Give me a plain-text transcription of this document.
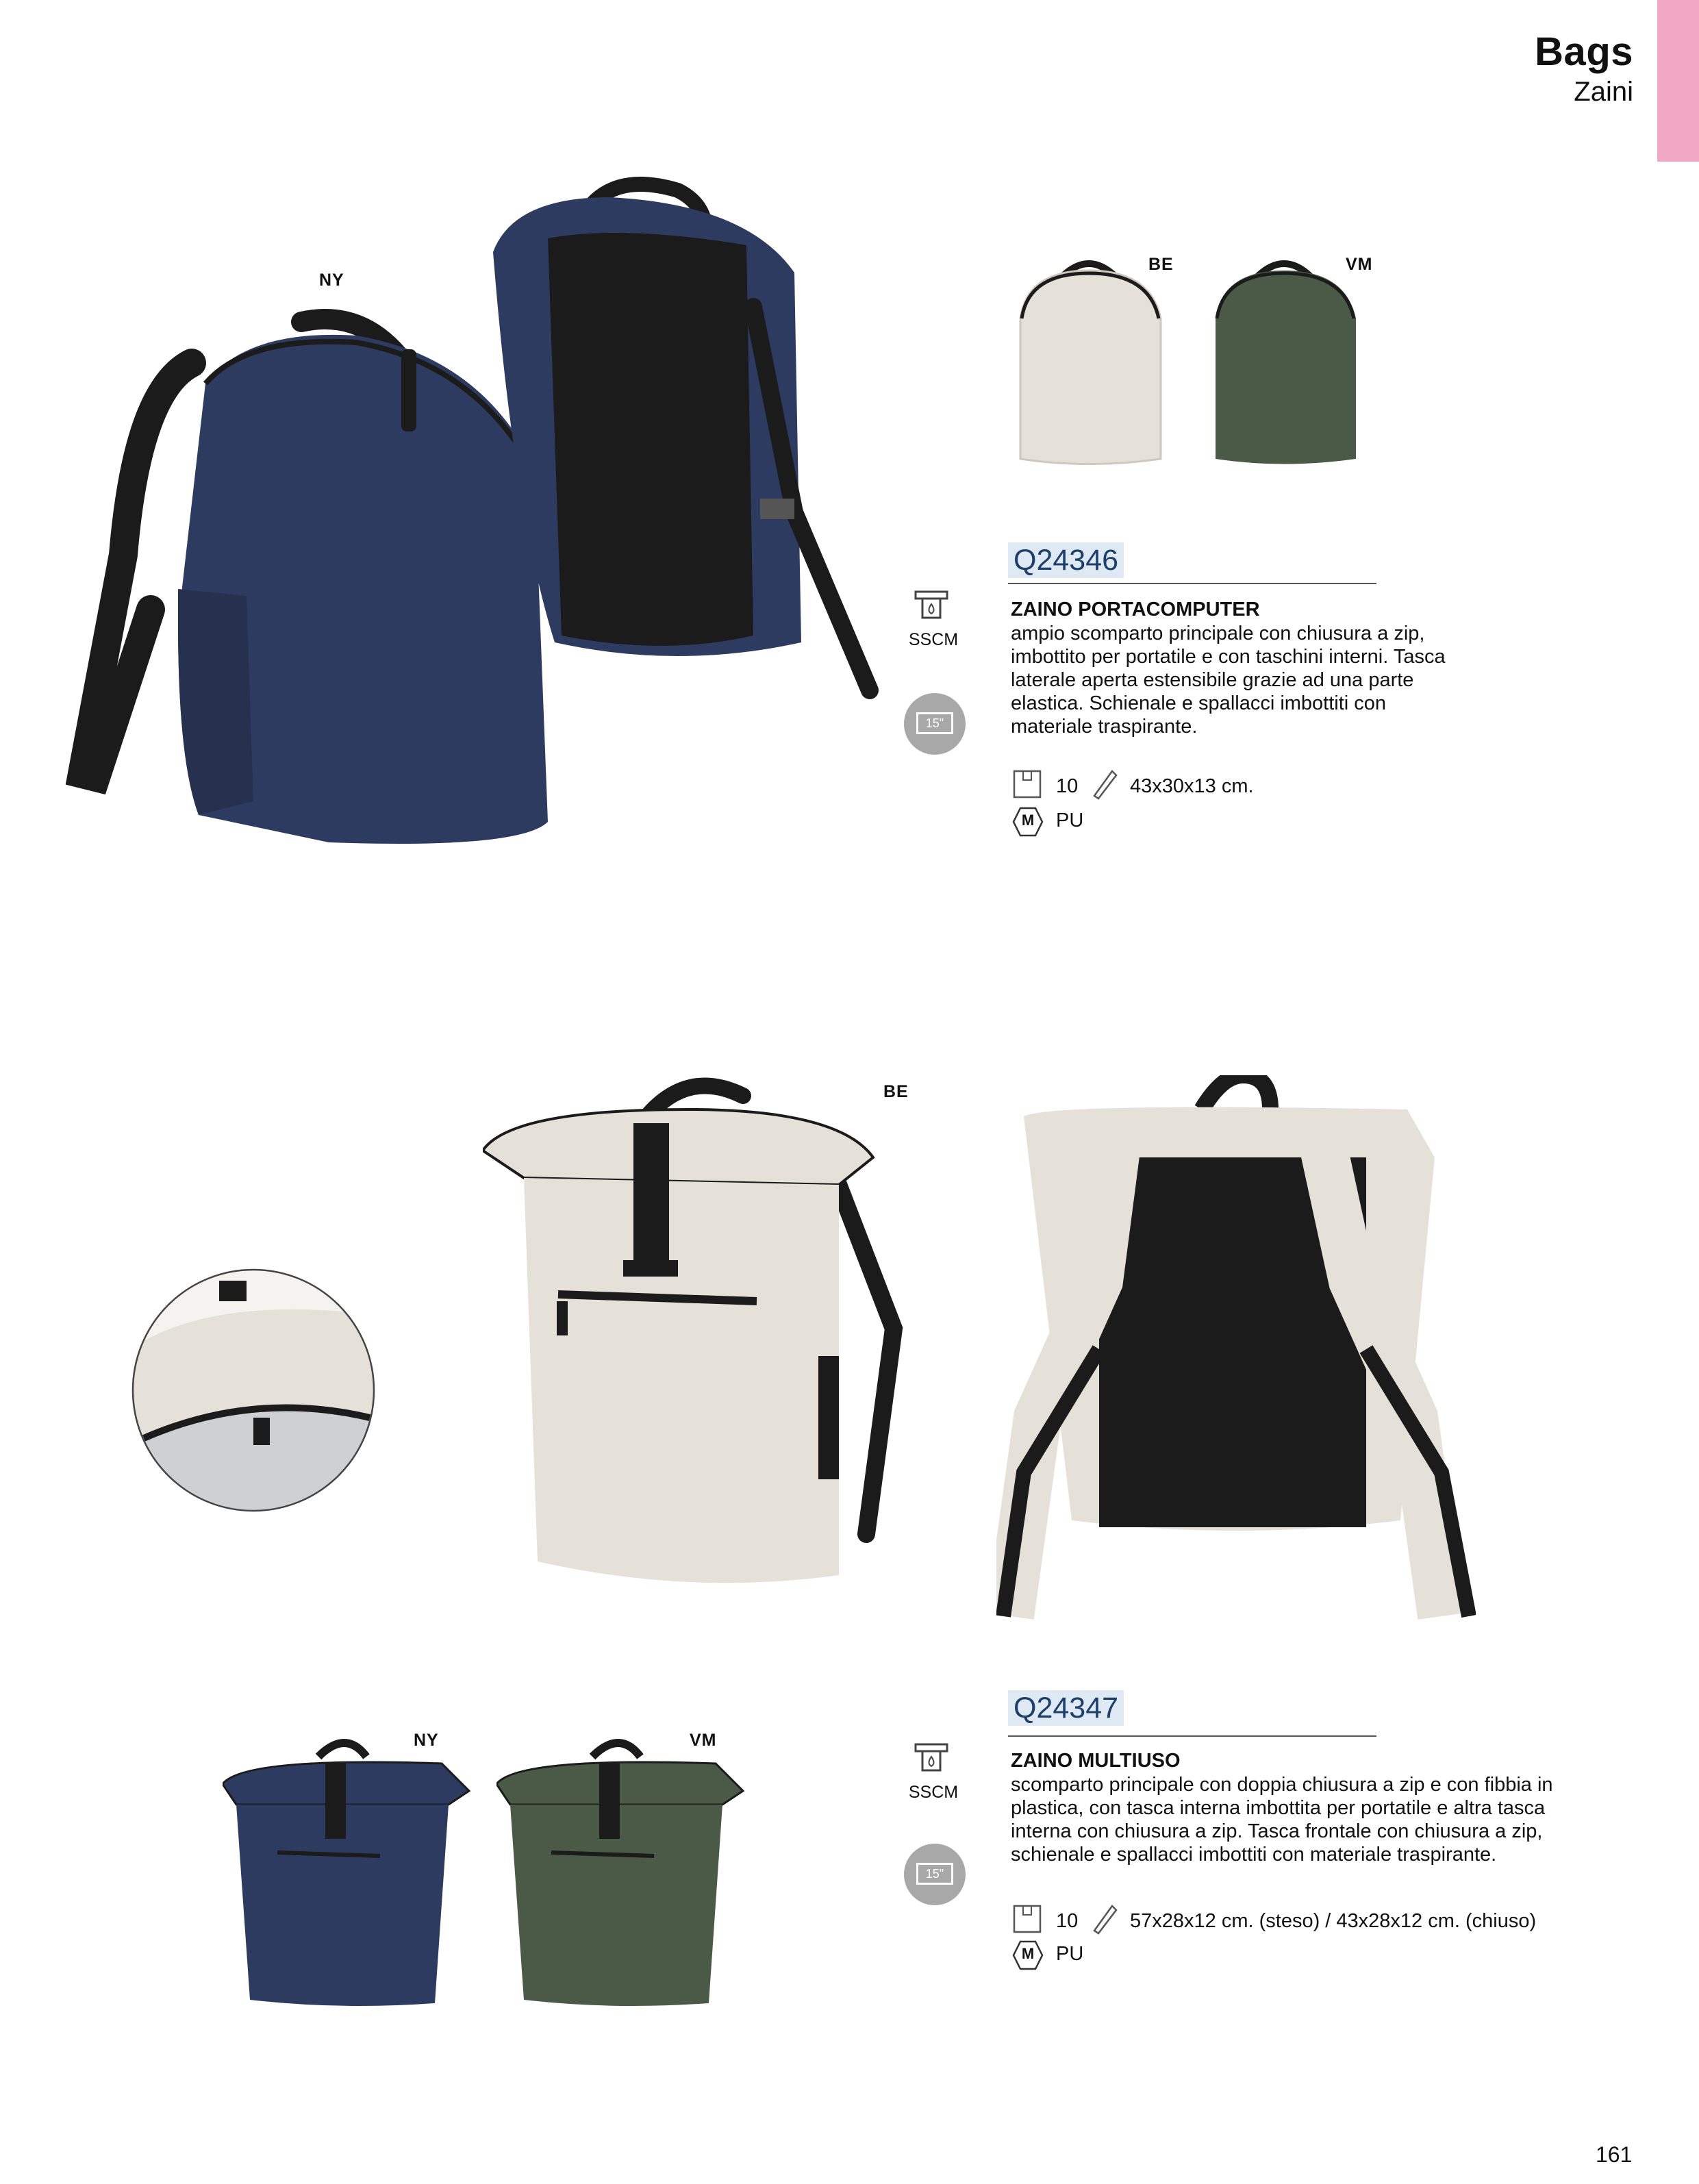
Bags
Zaini
NY
BE	VM
SSCM
15"
Q24346
ZAINO PORTACOMPUTER
ampio scomparto principale con chiusura a zip, imbottito per portatile e con taschini interni. Tasca laterale aperta estensibile grazie ad una parte elastica. Schienale e spallacci imbottiti con materiale traspirante.
10	43x30x13 cm.
M	PU
BE
NY	VM
SSCM
15"
Q24347
ZAINO MULTIUSO
scomparto principale con doppia chiusura a zip e con fibbia in plastica, con tasca interna imbottita per portatile e altra tasca interna con chiusura a zip. Tasca frontale con chiusura a zip, schienale e spallacci imbottiti con materiale traspirante.
10	57x28x12 cm. (steso) / 43x28x12 cm. (chiuso)
M	PU
161
